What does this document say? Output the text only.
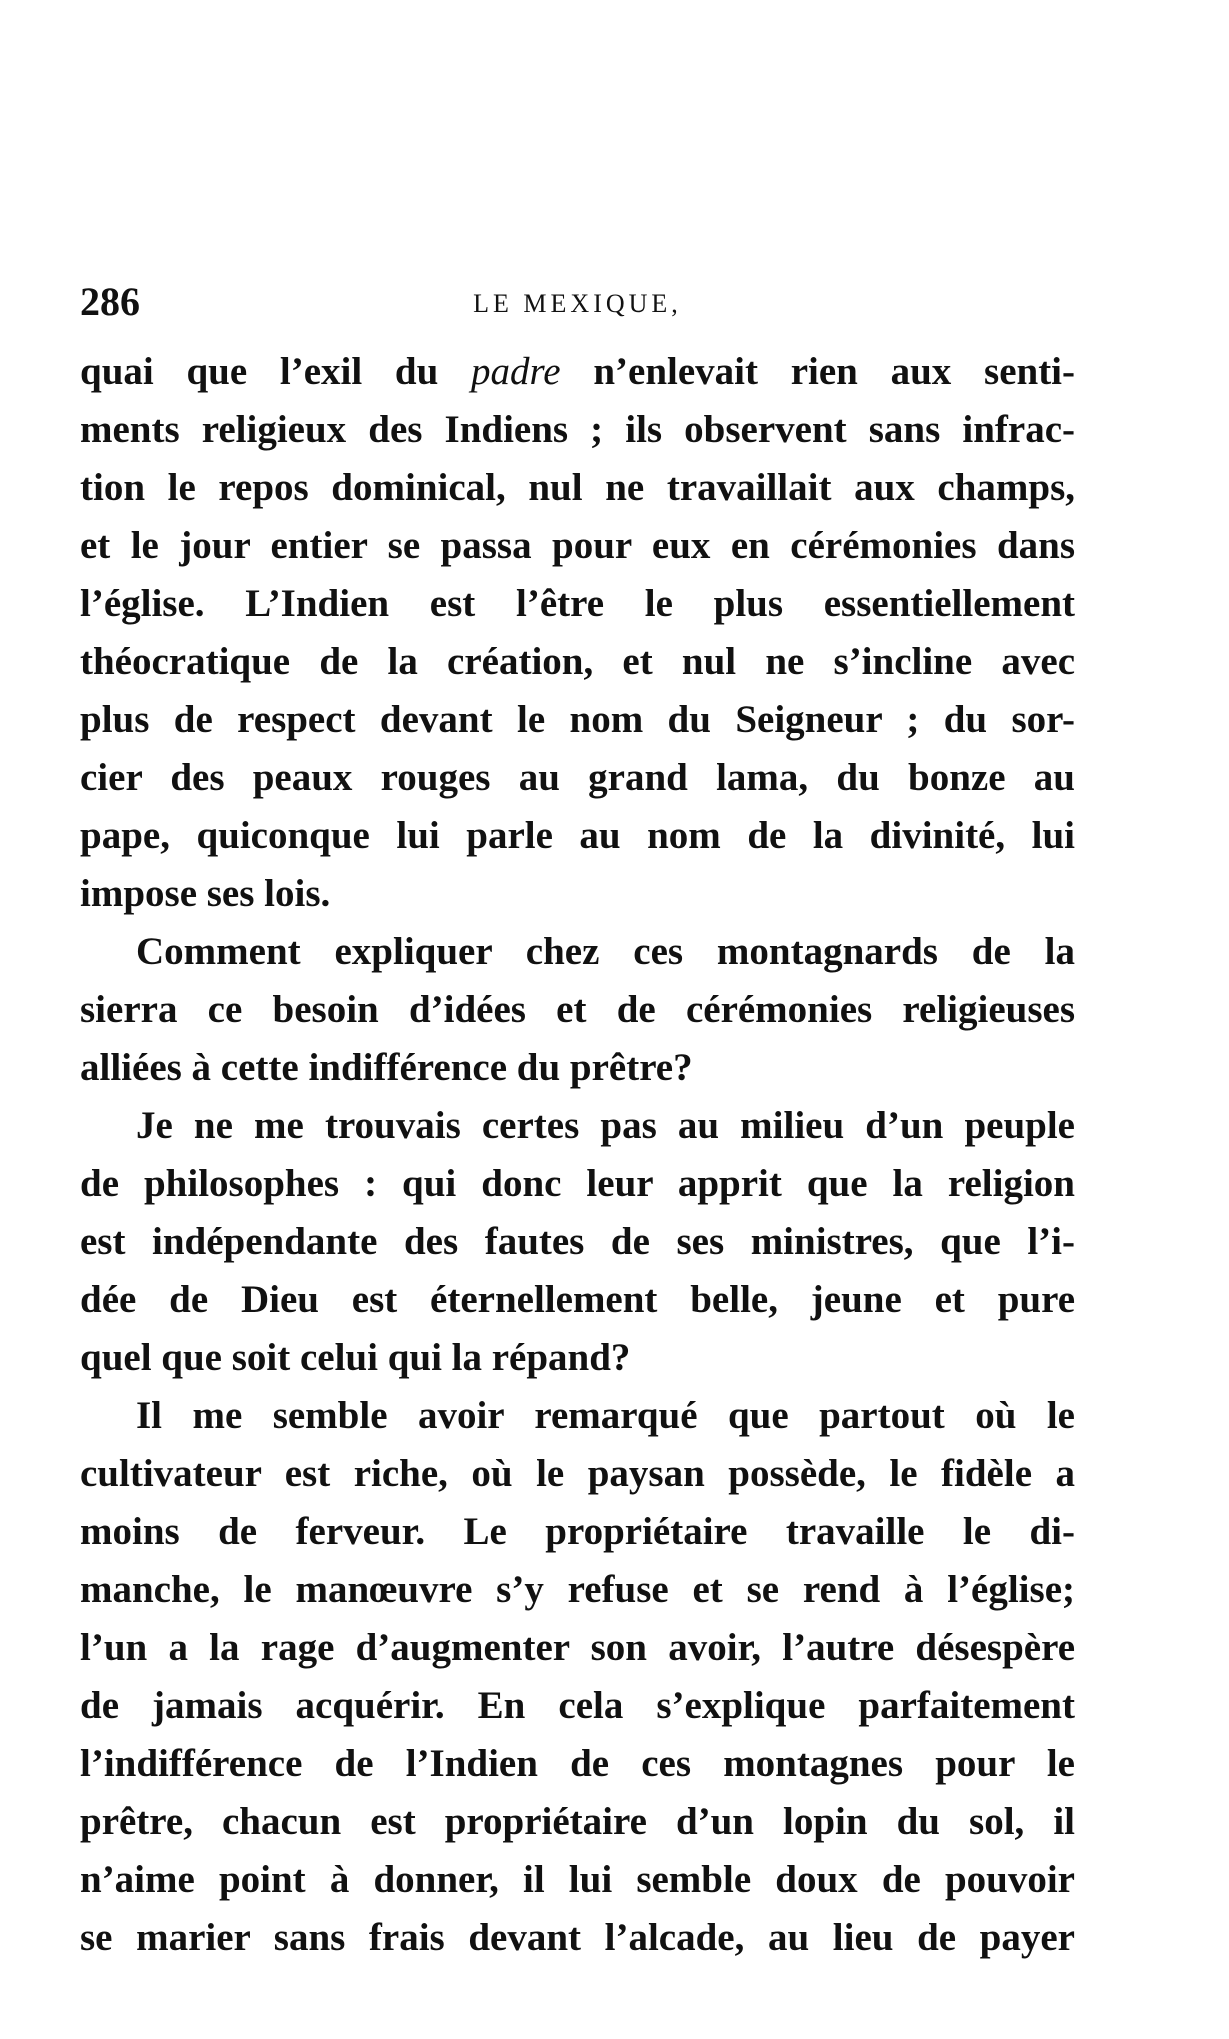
286	LE MEXIQUE,
quai que l’exil du padre n’enlevait rien aux senti-
ments religieux des Indiens ; ils observent sans infrac-
tion le repos dominical, nul ne travaillait aux champs,
et le jour entier se passa pour eux en cérémonies dans
l’église. L’Indien est l’être le plus essentiellement
théocratique de la création, et nul ne s’incline avec
plus de respect devant le nom du Seigneur ; du sor-
cier des peaux rouges au grand lama, du bonze au
pape, quiconque lui parle au nom de la divinité, lui
impose ses lois.
Comment expliquer chez ces montagnards de la
sierra ce besoin d’idées et de cérémonies religieuses
alliées à cette indifférence du prêtre?
Je ne me trouvais certes pas au milieu d’un peuple
de philosophes : qui donc leur apprit que la religion
est indépendante des fautes de ses ministres, que l’i-
dée de Dieu est éternellement belle, jeune et pure
quel que soit celui qui la répand?
Il me semble avoir remarqué que partout où le
cultivateur est riche, où le paysan possède, le fidèle a
moins de ferveur. Le propriétaire travaille le di-
manche, le manœuvre s’y refuse et se rend à l’église;
l’un a la rage d’augmenter son avoir, l’autre désespère
de jamais acquérir. En cela s’explique parfaitement
l’indifférence de l’Indien de ces montagnes pour le
prêtre, chacun est propriétaire d’un lopin du sol, il
n’aime point à donner, il lui semble doux de pouvoir
se marier sans frais devant l’alcade, au lieu de payer
